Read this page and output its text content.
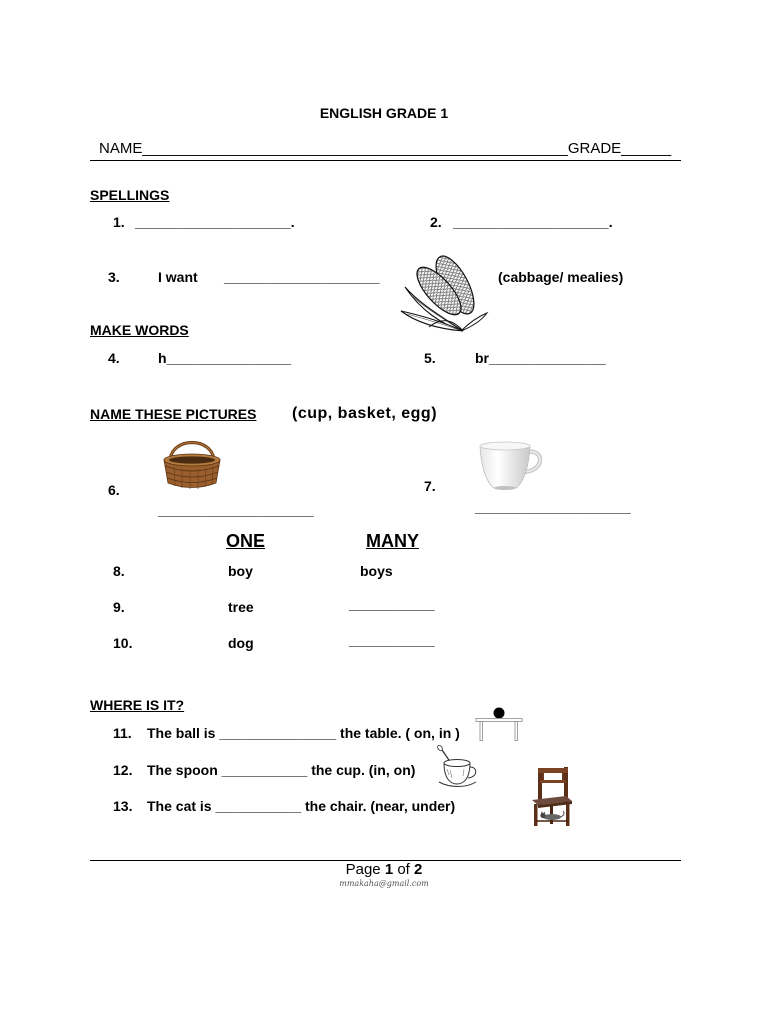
ENGLISH GRADE 1
NAME___________________________________________________GRADE______
SPELLINGS
1. ____________________.	2. ____________________.
3.	I want ____________________	(cabbage/ mealies)
MAKE WORDS
4.	h________________	5.	br_______________
NAME THESE PICTURES (cup, basket, egg)
6.
____________________
7.
____________________
ONE	MANY
8.	boy	boys
9.	tree	___________
10.	dog	___________
WHERE IS IT?
11. The ball is _______________ the table. ( on, in )
12. The spoon ___________ the cup. (in, on)
13. The cat is ___________ the chair. (near, under)
Page 1 of 2
mmakaha@gmail.com
